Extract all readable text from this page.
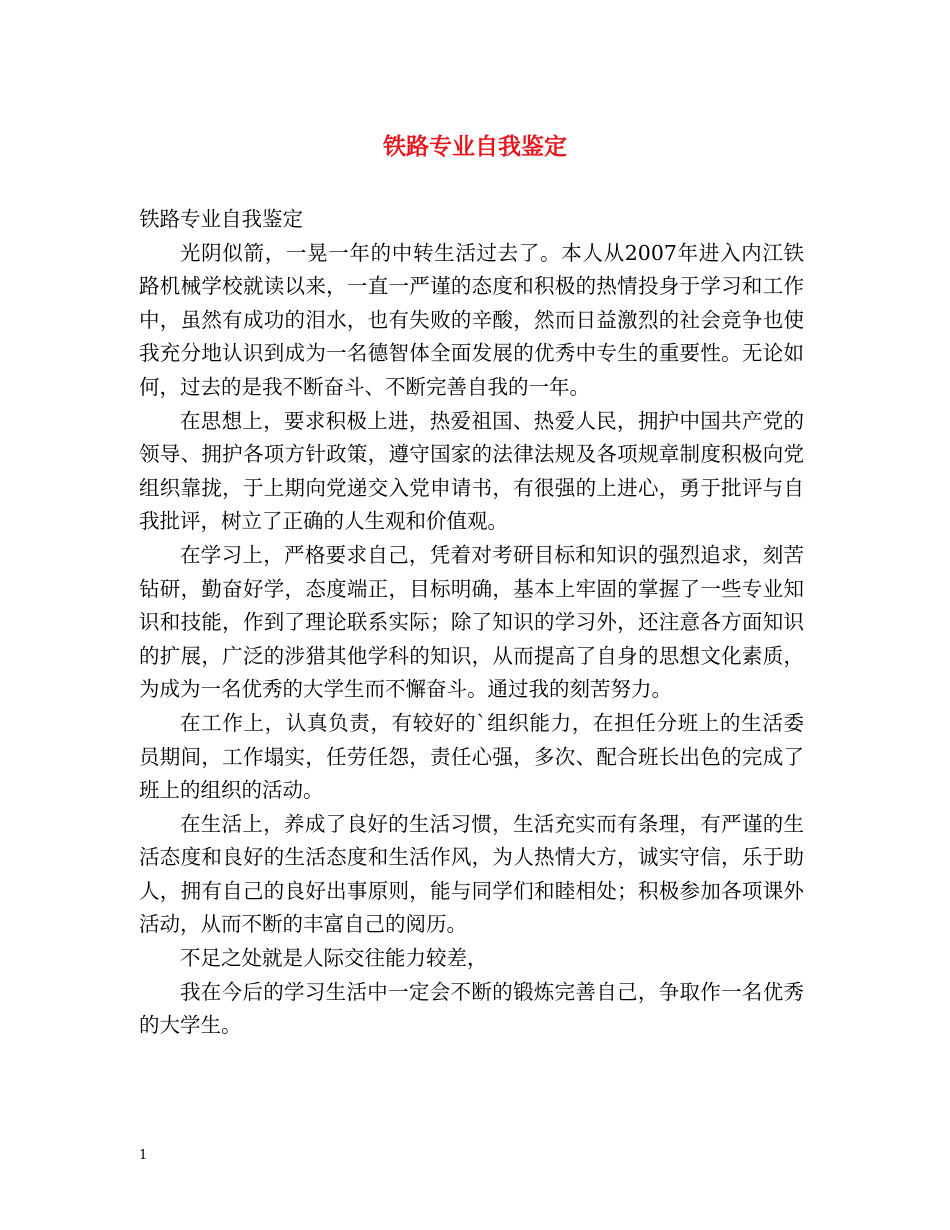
铁路专业自我鉴定

铁路专业自我鉴定

光阴似箭，一晃一年的中转生活过去了。本人从2007年进入内江铁路机械学校就读以来，一直一严谨的态度和积极的热情投身于学习和工作中，虽然有成功的泪水，也有失败的辛酸，然而日益激烈的社会竞争也使我充分地认识到成为一名德智体全面发展的优秀中专生的重要性。无论如何，过去的是我不断奋斗、不断完善自我的一年。

在思想上，要求积极上进，热爱祖国、热爱人民，拥护中国共产党的领导、拥护各项方针政策，遵守国家的法律法规及各项规章制度积极向党组织靠拢，于上期向党递交入党申请书，有很强的上进心，勇于批评与自我批评，树立了正确的人生观和价值观。

在学习上，严格要求自己，凭着对考研目标和知识的强烈追求，刻苦钻研，勤奋好学，态度端正，目标明确，基本上牢固的掌握了一些专业知识和技能，作到了理论联系实际；除了知识的学习外，还注意各方面知识的扩展，广泛的涉猎其他学科的知识，从而提高了自身的思想文化素质，为成为一名优秀的大学生而不懈奋斗。通过我的刻苦努力。

在工作上，认真负责，有较好的`组织能力，在担任分班上的生活委员期间，工作塌实，任劳任怨，责任心强，多次、配合班长出色的完成了班上的组织的活动。

在生活上，养成了良好的生活习惯，生活充实而有条理，有严谨的生活态度和良好的生活态度和生活作风，为人热情大方，诚实守信，乐于助人，拥有自己的良好出事原则，能与同学们和睦相处；积极参加各项课外活动，从而不断的丰富自己的阅历。

不足之处就是人际交往能力较差，

我在今后的学习生活中一定会不断的锻炼完善自己，争取作一名优秀的大学生。

1
